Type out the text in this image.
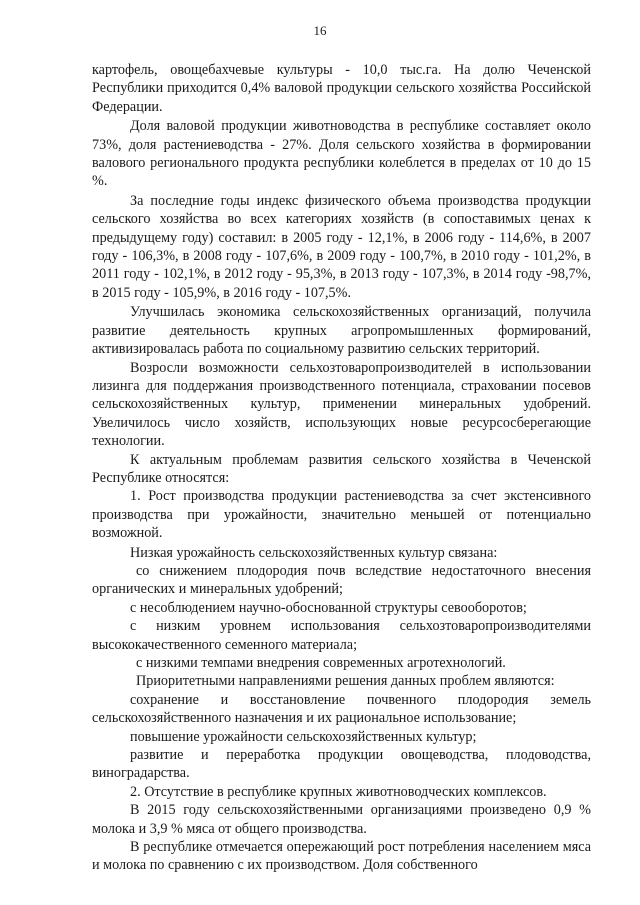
16

картофель, овощебахчевые культуры - 10,0 тыс.га. На долю Чеченской Республики приходится 0,4% валовой продукции сельского хозяйства Российской Федерации.

Доля валовой продукции животноводства в республике составляет около 73%, доля растениеводства - 27%. Доля сельского хозяйства в формировании валового регионального продукта республики колеблется в пределах от 10 до 15 %.

За последние годы индекс физического объема производства продукции сельского хозяйства во всех категориях хозяйств (в сопоставимых ценах к предыдущему году) составил: в 2005 году - 12,1%, в 2006 году - 114,6%, в 2007 году - 106,3%, в 2008 году - 107,6%, в 2009 году - 100,7%, в 2010 году - 101,2%, в 2011 году - 102,1%, в 2012 году - 95,3%, в 2013 году - 107,3%, в 2014 году -98,7%, в 2015 году - 105,9%, в 2016 году - 107,5%.

Улучшилась экономика сельскохозяйственных организаций, получила развитие деятельность крупных агропромышленных формирований, активизировалась работа по социальному развитию сельских территорий.

Возросли возможности сельхозтоваропроизводителей в использовании лизинга для поддержания производственного потенциала, страховании посевов сельскохозяйственных культур, применении минеральных удобрений. Увеличилось число хозяйств, использующих новые ресурсосберегающие технологии.

К актуальным проблемам развития сельского хозяйства в Чеченской Республике относятся:

1. Рост производства продукции растениеводства за счет экстенсивного производства при урожайности, значительно меньшей от потенциально возможной.

Низкая урожайность сельскохозяйственных культур связана:

со снижением плодородия почв вследствие недостаточного внесения органических и минеральных удобрений;

с несоблюдением научно-обоснованной структуры севооборотов;

с низким уровнем использования сельхозтоваропроизводителями высококачественного семенного материала;

с низкими темпами внедрения современных агротехнологий.

Приоритетными направлениями решения данных проблем являются:

сохранение и восстановление почвенного плодородия земель сельскохозяйственного назначения и их рациональное использование;

повышение урожайности сельскохозяйственных культур;

развитие и переработка продукции овощеводства, плодоводства, виноградарства.

2. Отсутствие в республике крупных животноводческих комплексов.

В 2015 году сельскохозяйственными организациями произведено 0,9 % молока и 3,9 % мяса от общего производства.

В республике отмечается опережающий рост потребления населением мяса и молока по сравнению с их производством. Доля собственного
